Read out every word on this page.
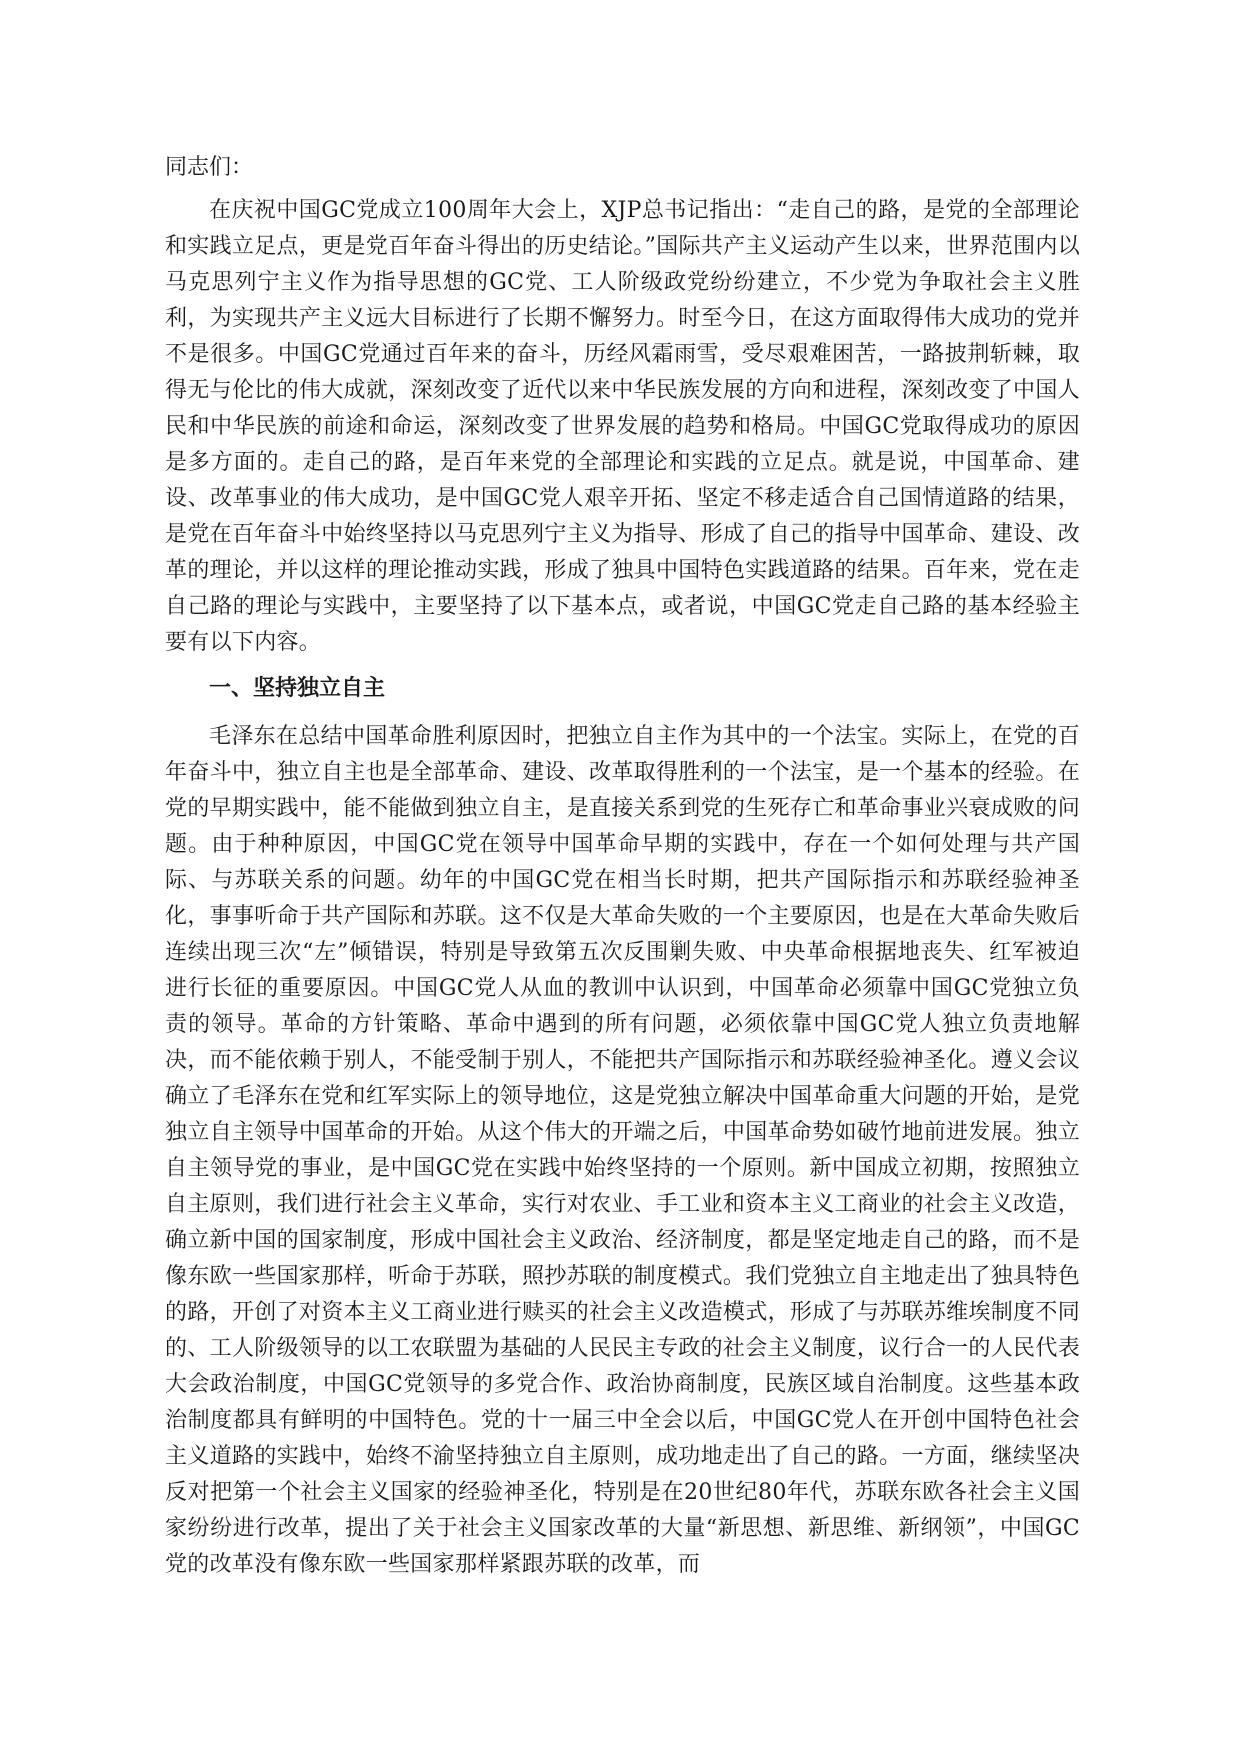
同志们：

在庆祝中国GC党成立100周年大会上，XJP总书记指出：“走自己的路，是党的全部理论和实践立足点，更是党百年奋斗得出的历史结论。”国际共产主义运动产生以来，世界范围内以马克思列宁主义作为指导思想的GC党、工人阶级政党纷纷建立，不少党为争取社会主义胜利，为实现共产主义远大目标进行了长期不懈努力。时至今日，在这方面取得伟大成功的党并不是很多。中国GC党通过百年来的奋斗，历经风霜雨雪，受尽艰难困苦，一路披荆斩棘，取得无与伦比的伟大成就，深刻改变了近代以来中华民族发展的方向和进程，深刻改变了中国人民和中华民族的前途和命运，深刻改变了世界发展的趋势和格局。中国GC党取得成功的原因是多方面的。走自己的路，是百年来党的全部理论和实践的立足点。就是说，中国革命、建设、改革事业的伟大成功，是中国GC党人艰辛开拓、坚定不移走适合自己国情道路的结果，是党在百年奋斗中始终坚持以马克思列宁主义为指导、形成了自己的指导中国革命、建设、改革的理论，并以这样的理论推动实践，形成了独具中国特色实践道路的结果。百年来，党在走自己路的理论与实践中，主要坚持了以下基本点，或者说，中国GC党走自己路的基本经验主要有以下内容。

一、坚持独立自主

毛泽东在总结中国革命胜利原因时，把独立自主作为其中的一个法宝。实际上，在党的百年奋斗中，独立自主也是全部革命、建设、改革取得胜利的一个法宝，是一个基本的经验。在党的早期实践中，能不能做到独立自主，是直接关系到党的生死存亡和革命事业兴衰成败的问题。由于种种原因，中国GC党在领导中国革命早期的实践中，存在一个如何处理与共产国际、与苏联关系的问题。幼年的中国GC党在相当长时期，把共产国际指示和苏联经验神圣化，事事听命于共产国际和苏联。这不仅是大革命失败的一个主要原因，也是在大革命失败后连续出现三次“左”倾错误，特别是导致第五次反围剿失败、中央革命根据地丧失、红军被迫进行长征的重要原因。中国GC党人从血的教训中认识到，中国革命必须靠中国GC党独立负责的领导。革命的方针策略、革命中遇到的所有问题，必须依靠中国GC党人独立负责地解决，而不能依赖于别人，不能受制于别人，不能把共产国际指示和苏联经验神圣化。遵义会议确立了毛泽东在党和红军实际上的领导地位，这是党独立解决中国革命重大问题的开始，是党独立自主领导中国革命的开始。从这个伟大的开端之后，中国革命势如破竹地前进发展。独立自主领导党的事业，是中国GC党在实践中始终坚持的一个原则。新中国成立初期，按照独立自主原则，我们进行社会主义革命，实行对农业、手工业和资本主义工商业的社会主义改造，确立新中国的国家制度，形成中国社会主义政治、经济制度，都是坚定地走自己的路，而不是像东欧一些国家那样，听命于苏联，照抄苏联的制度模式。我们党独立自主地走出了独具特色的路，开创了对资本主义工商业进行赎买的社会主义改造模式，形成了与苏联苏维埃制度不同的、工人阶级领导的以工农联盟为基础的人民民主专政的社会主义制度，议行合一的人民代表大会政治制度，中国GC党领导的多党合作、政治协商制度，民族区域自治制度。这些基本政治制度都具有鲜明的中国特色。党的十一届三中全会以后，中国GC党人在开创中国特色社会主义道路的实践中，始终不渝坚持独立自主原则，成功地走出了自己的路。一方面，继续坚决反对把第一个社会主义国家的经验神圣化，特别是在20世纪80年代，苏联东欧各社会主义国家纷纷进行改革，提出了关于社会主义国家改革的大量“新思想、新思维、新纲领”，中国GC党的改革没有像东欧一些国家那样紧跟苏联的改革，而
